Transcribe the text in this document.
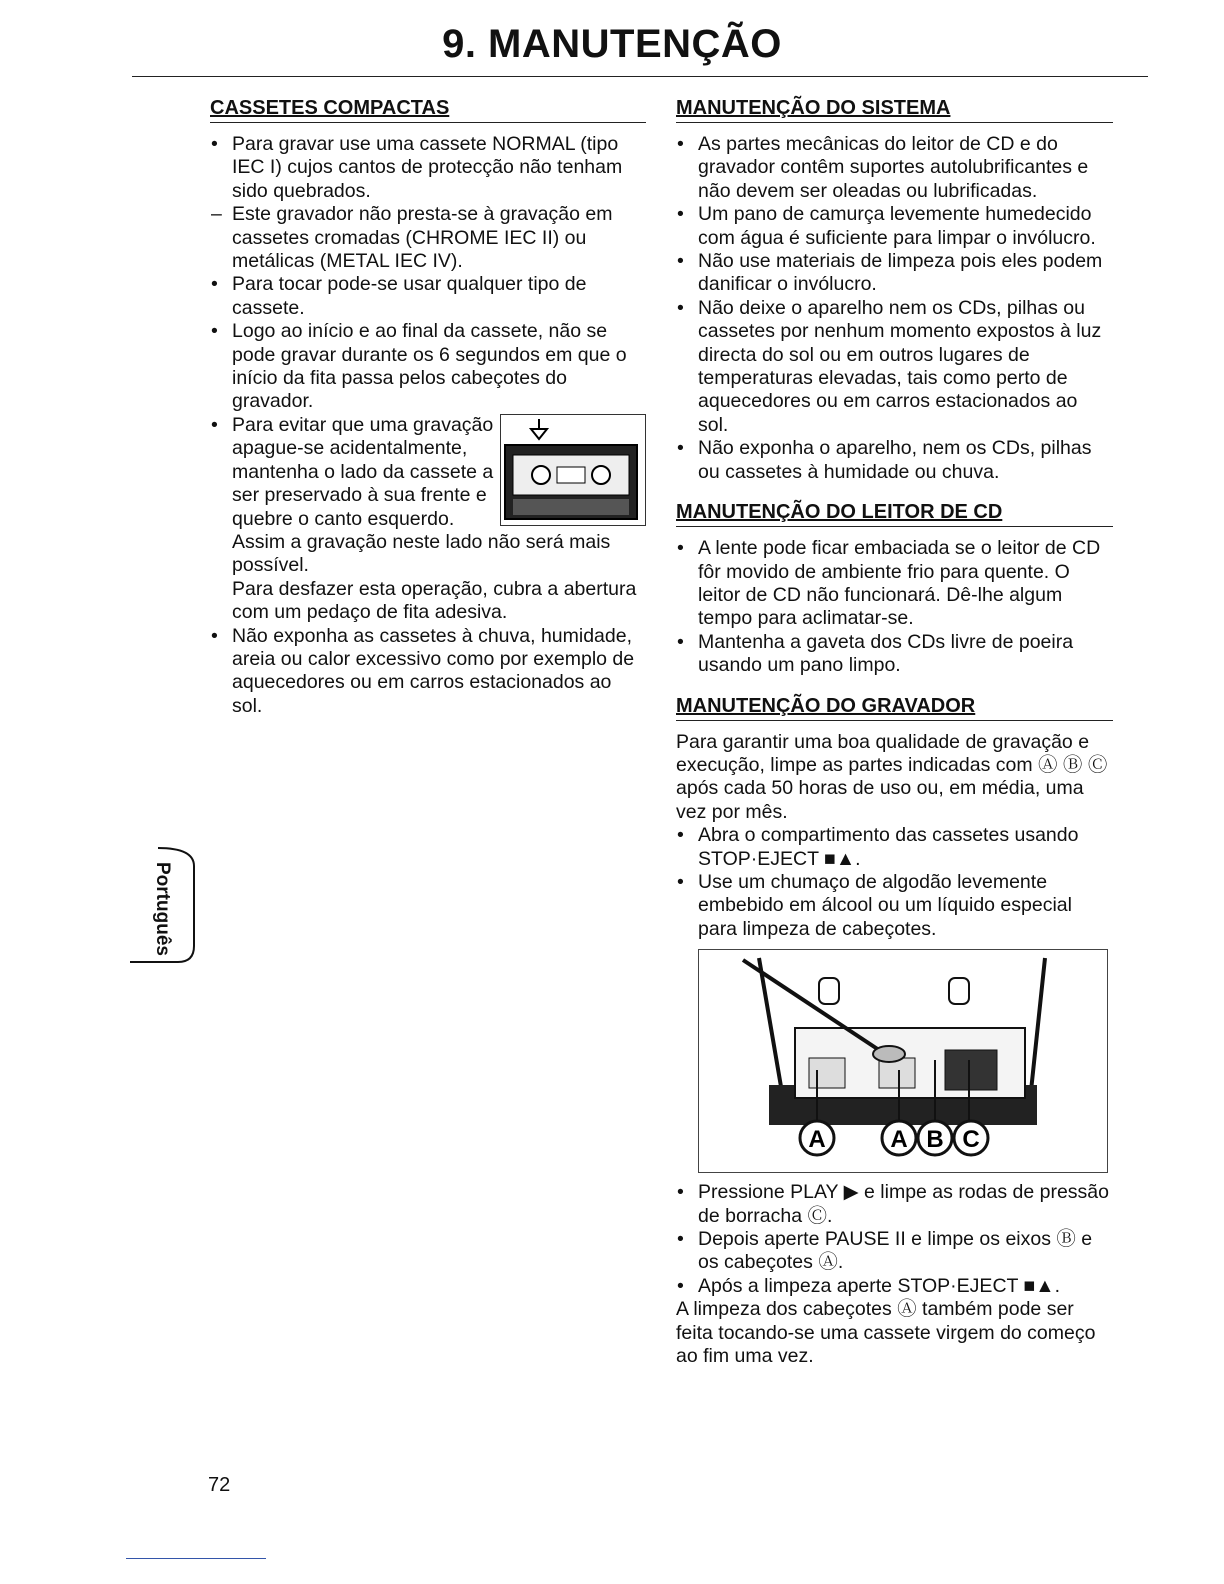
9. MANUTENÇÃO
CASSETES COMPACTAS
• Para gravar use uma cassete NORMAL (tipo IEC I) cujos cantos de protecção não tenham sido quebrados.
– Este gravador não presta-se à gravação em cassetes cromadas (CHROME IEC II) ou metálicas (METAL IEC IV).
• Para tocar pode-se usar qualquer tipo de cassete.
• Logo ao início e ao final da cassete, não se pode gravar durante os 6 segundos em que o início da fita passa pelos cabeçotes do gravador.
• Para evitar que uma gravação apague-se acidentalmente, mantenha o lado da cassete a ser preservado à sua frente e quebre o canto esquerdo. Assim a gravação neste lado não será mais possível.

Para desfazer esta operação, cubra a abertura com um pedaço de fita adesiva.

• Não exponha as cassetes à chuva, humidade, areia ou calor excessivo como por exemplo de aquecedores ou em carros estacionados ao sol.
MANUTENÇÃO DO SISTEMA
• As partes mecânicas do leitor de CD e do gravador contêm suportes autolubrificantes e não devem ser oleadas ou lubrificadas.
• Um pano de camurça levemente humedecido com água é suficiente para limpar o invólucro.
• Não use materiais de limpeza pois eles podem danificar o invólucro.
• Não deixe o aparelho nem os CDs, pilhas ou cassetes por nenhum momento expostos à luz directa do sol ou em outros lugares de temperaturas elevadas, tais como perto de aquecedores ou em carros estacionados ao sol.
• Não exponha o aparelho, nem os CDs, pilhas ou cassetes à humidade ou chuva.
MANUTENÇÃO DO LEITOR DE CD
• A lente pode ficar embaciada se o leitor de CD fôr movido de ambiente frio para quente. O leitor de CD não funcionará. Dê-lhe algum tempo para aclimatar-se.
• Mantenha a gaveta dos CDs livre de poeira usando um pano limpo.
MANUTENÇÃO DO GRAVADOR

Para garantir uma boa qualidade de gravação e execução, limpe as partes indicadas com Ⓐ Ⓑ Ⓒ após cada 50 horas de uso ou, em média, uma vez por mês.

• Abra o compartimento das cassetes usando STOP·EJECT ■▲.
• Use um chumaço de algodão levemente embebido em álcool ou um líquido especial para limpeza de cabeçotes.
A	A B C
• Pressione PLAY ▶ e limpe as rodas de pressão de borracha Ⓒ.
• Depois aperte PAUSE II e limpe os eixos Ⓑ e os cabeçotes Ⓐ.
• Após a limpeza aperte STOP·EJECT ■▲.

A limpeza dos cabeçotes Ⓐ também pode ser feita tocando-se uma cassete virgem do começo ao fim uma vez.

Português
72
